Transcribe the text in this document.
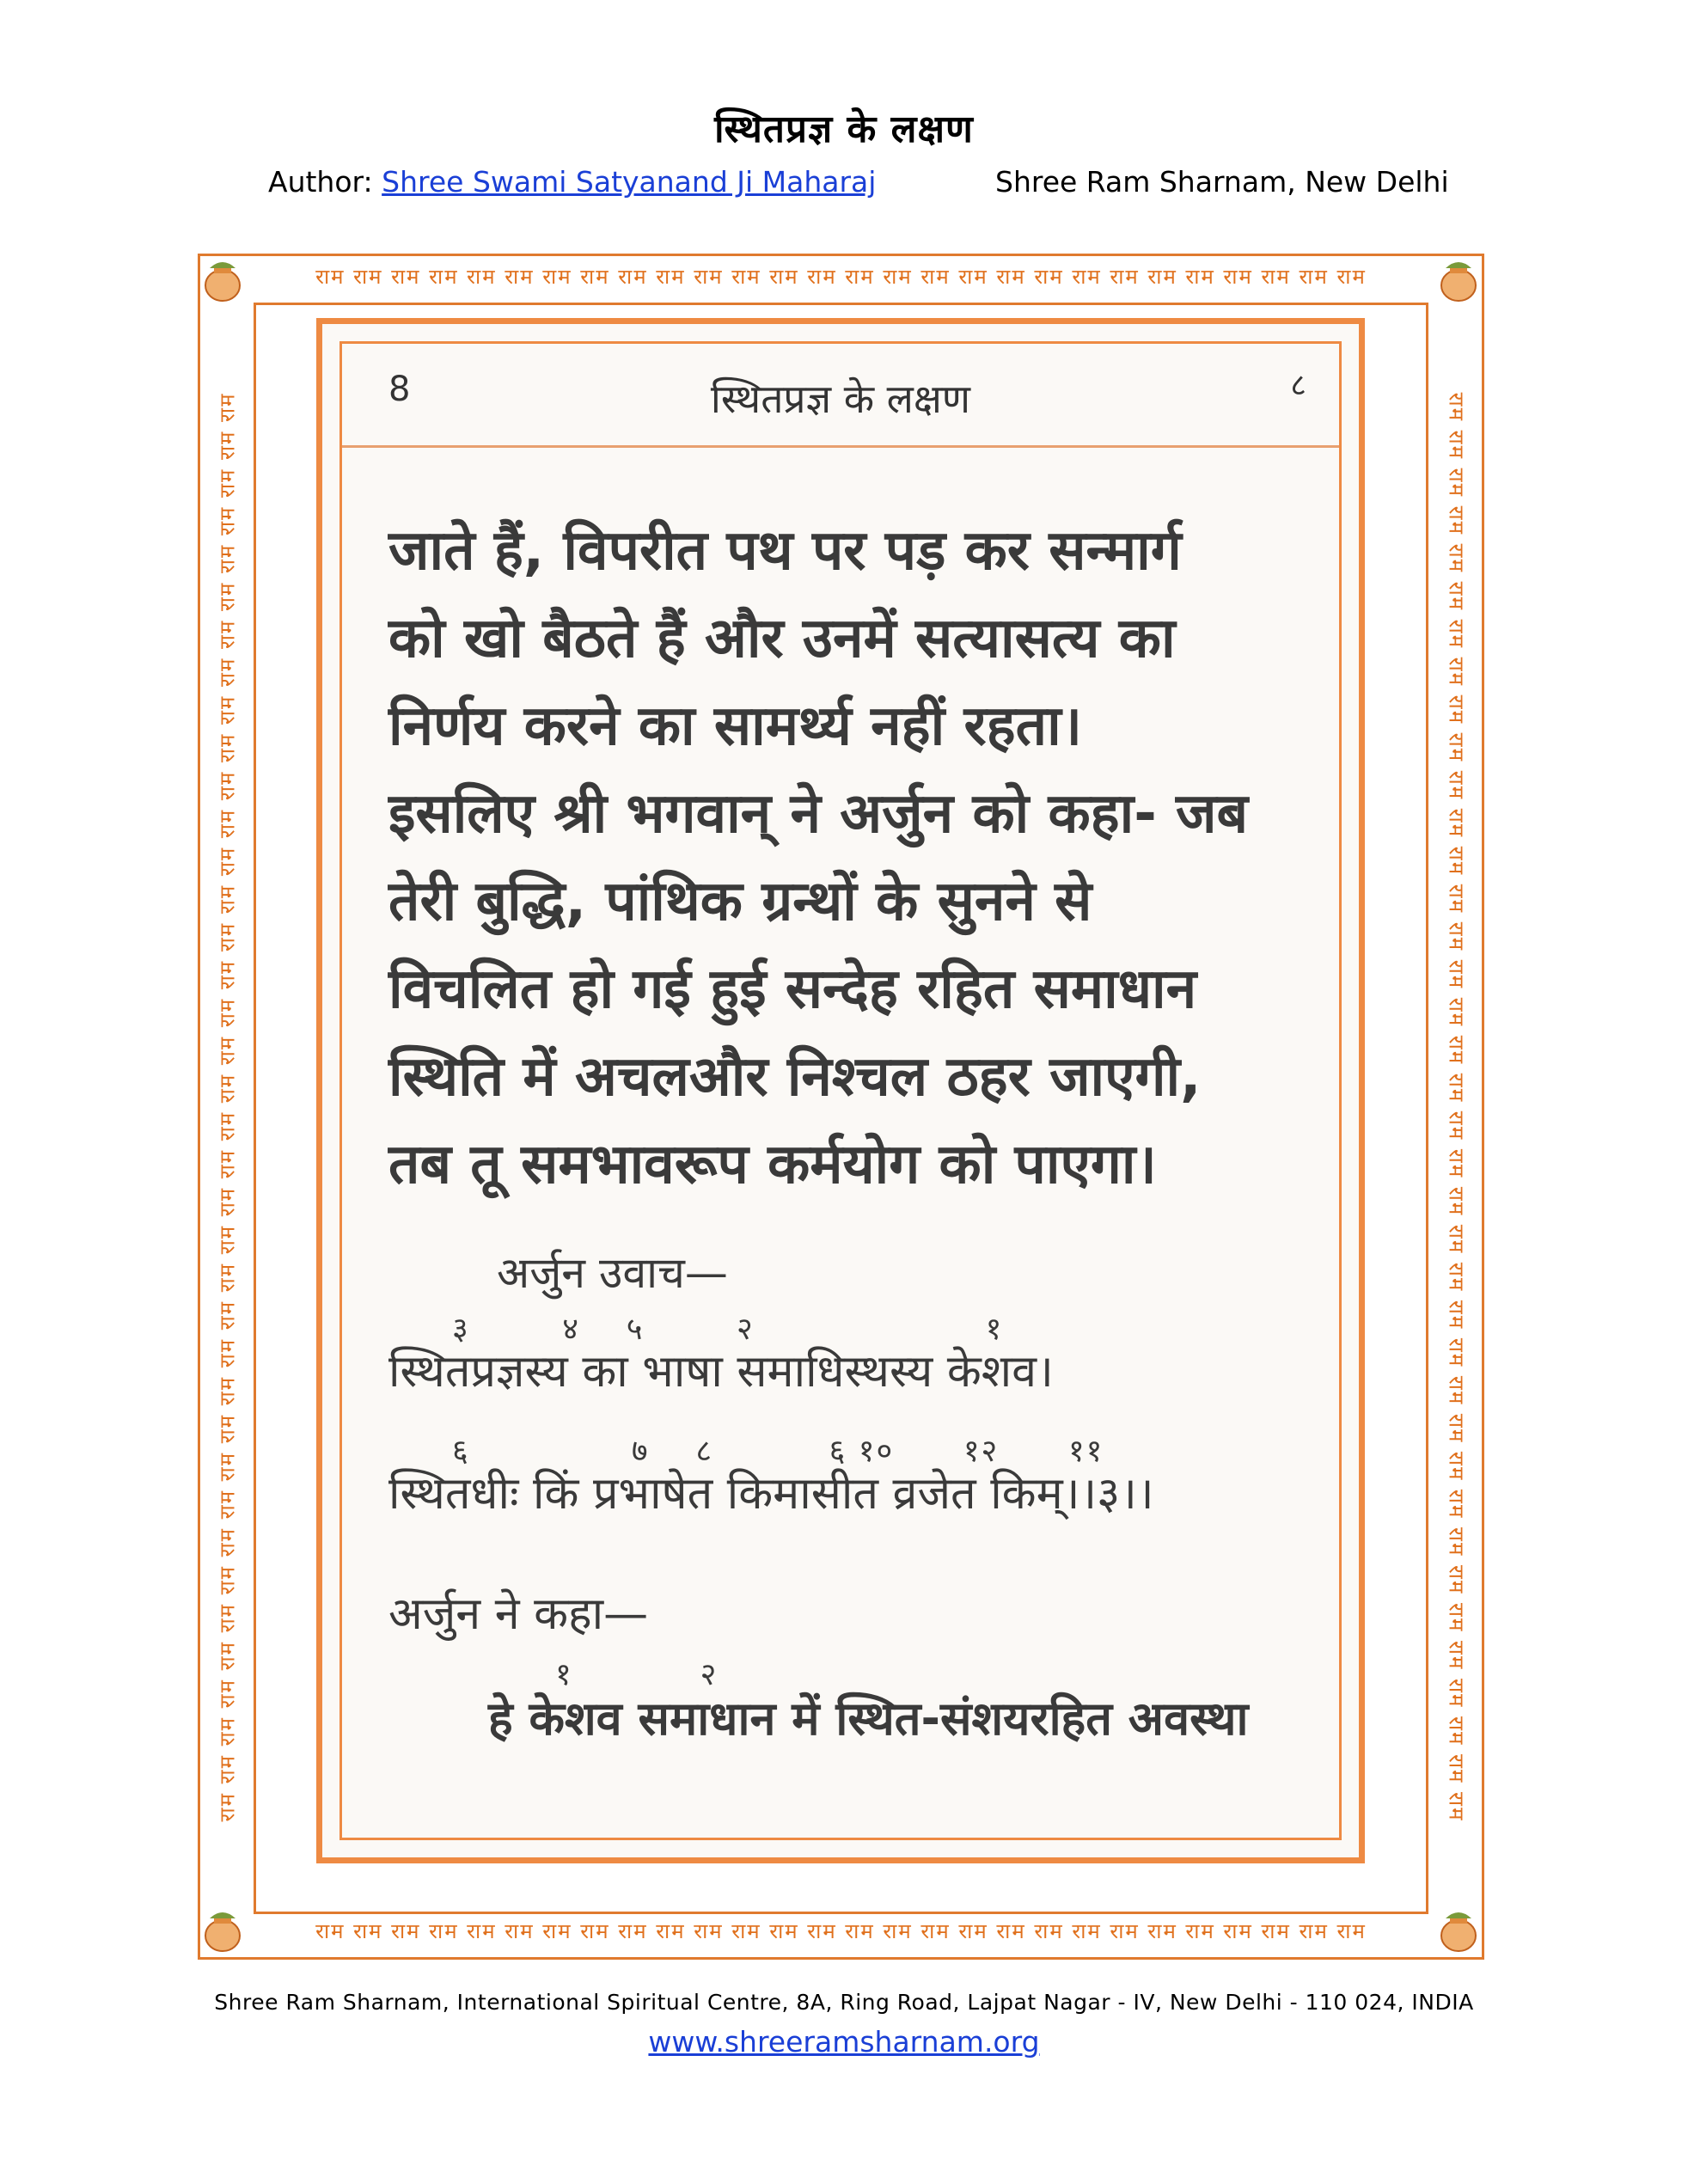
स्थितप्रज्ञ के लक्षण
Author: Shree Swami Satyanand Ji Maharaj	Shree Ram Sharnam, New Delhi
राम राम राम राम राम राम राम राम राम राम राम राम राम राम राम राम राम राम राम राम राम राम राम राम राम राम राम राम
राम राम राम राम राम राम राम राम राम राम राम राम राम राम राम राम राम राम राम राम राम राम राम राम राम राम राम राम
राम राम राम राम राम राम राम राम राम राम राम राम राम राम राम राम राम राम राम राम राम राम राम राम राम राम राम राम राम राम राम राम राम राम राम राम राम राम	राम राम राम राम राम राम राम राम राम राम राम राम राम राम राम राम राम राम राम राम राम राम राम राम राम राम राम राम राम राम राम राम राम राम राम राम राम राम
8	स्थितप्रज्ञ के लक्षण	८
जाते हैं, विपरीत पथ पर पड़ कर सन्मार्ग
को खो बैठते हैं और उनमें सत्यासत्य का
निर्णय करने का सामर्थ्य नहीं रहता।
इसलिए श्री भगवान् ने अर्जुन को कहा- जब
तेरी बुद्धि, पांथिक ग्रन्थों के सुनने से
विचलित हो गई हुई सन्देह रहित समाधान
स्थिति में अचलऔर निश्चल ठहर जाएगी,
तब तू समभावरूप कर्मयोग को पाएगा।
अर्जुन उवाच—
३        ४    ५        २                    १
स्थितप्रज्ञस्य का भाषा समाधिस्थस्य केशव।
६              ७    ८          ६ १०      १२      ११
स्थितधीः किं प्रभाषेत किमासीत व्रजेत किम्।।३।।
अर्जुन ने कहा—
१           २
हे केशव समाधान में स्थित-संशयरहित अवस्था
Shree Ram Sharnam, International Spiritual Centre, 8A, Ring Road, Lajpat Nagar - IV, New Delhi - 110 024, INDIA
www.shreeramsharnam.org
